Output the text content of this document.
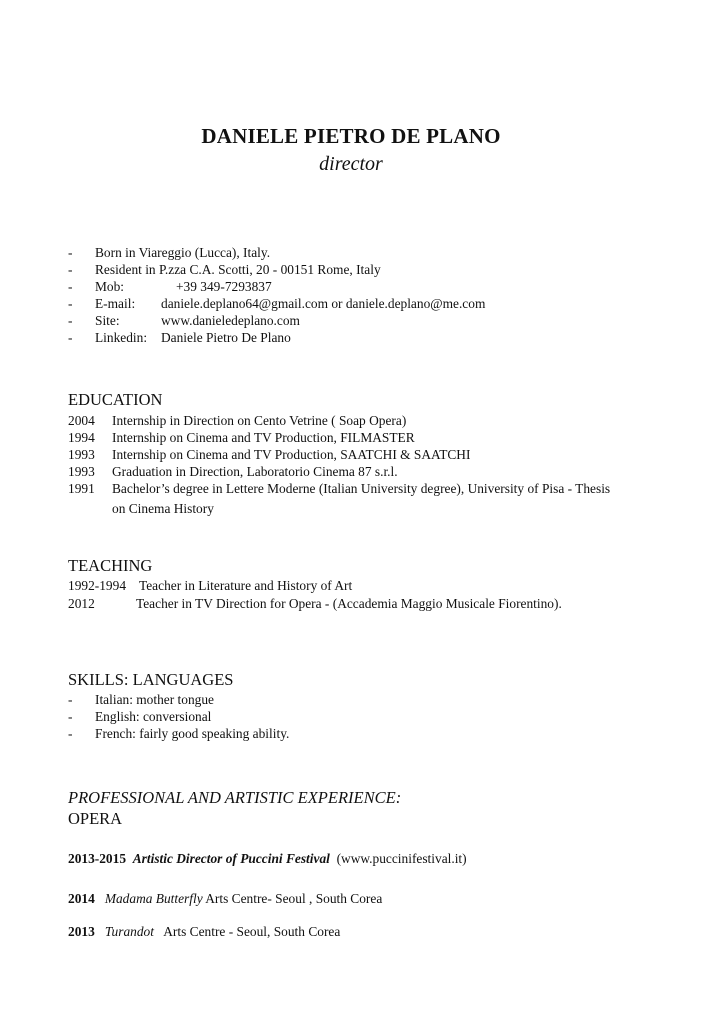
DANIELE PIETRO DE PLANO
director
- Born in Viareggio (Lucca), Italy.
- Resident in P.zza C.A. Scotti, 20 - 00151 Rome, Italy
- Mob:	+39 349-7293837
- E-mail: daniele.deplano64@gmail.com or daniele.deplano@me.com
- Site:	www.danieledeplano.com
- Linkedin: Daniele Pietro De Plano
EDUCATION
2004 Internship in Direction on Cento Vetrine ( Soap Opera)
1994 Internship on Cinema and TV Production, FILMASTER
1993 Internship on Cinema and TV Production, SAATCHI & SAATCHI
1993 Graduation in Direction, Laboratorio Cinema 87 s.r.l.
1991 Bachelor’s degree in Lettere Moderne (Italian University degree), University of Pisa - Thesis
on Cinema History
TEACHING
1992-1994 Teacher in Literature and History of Art
2012	Teacher in TV Direction for Opera - (Accademia Maggio Musicale Fiorentino).
SKILLS: LANGUAGES
- Italian: mother tongue
- English: conversional
- French: fairly good speaking ability.
PROFESSIONAL AND ARTISTIC EXPERIENCE:
OPERA
2013-2015 Artistic Director of Puccini Festival (www.puccinifestival.it)
2014 Madama Butterfly Arts Centre- Seoul , South Corea
2013 Turandot Arts Centre - Seoul, South Corea
